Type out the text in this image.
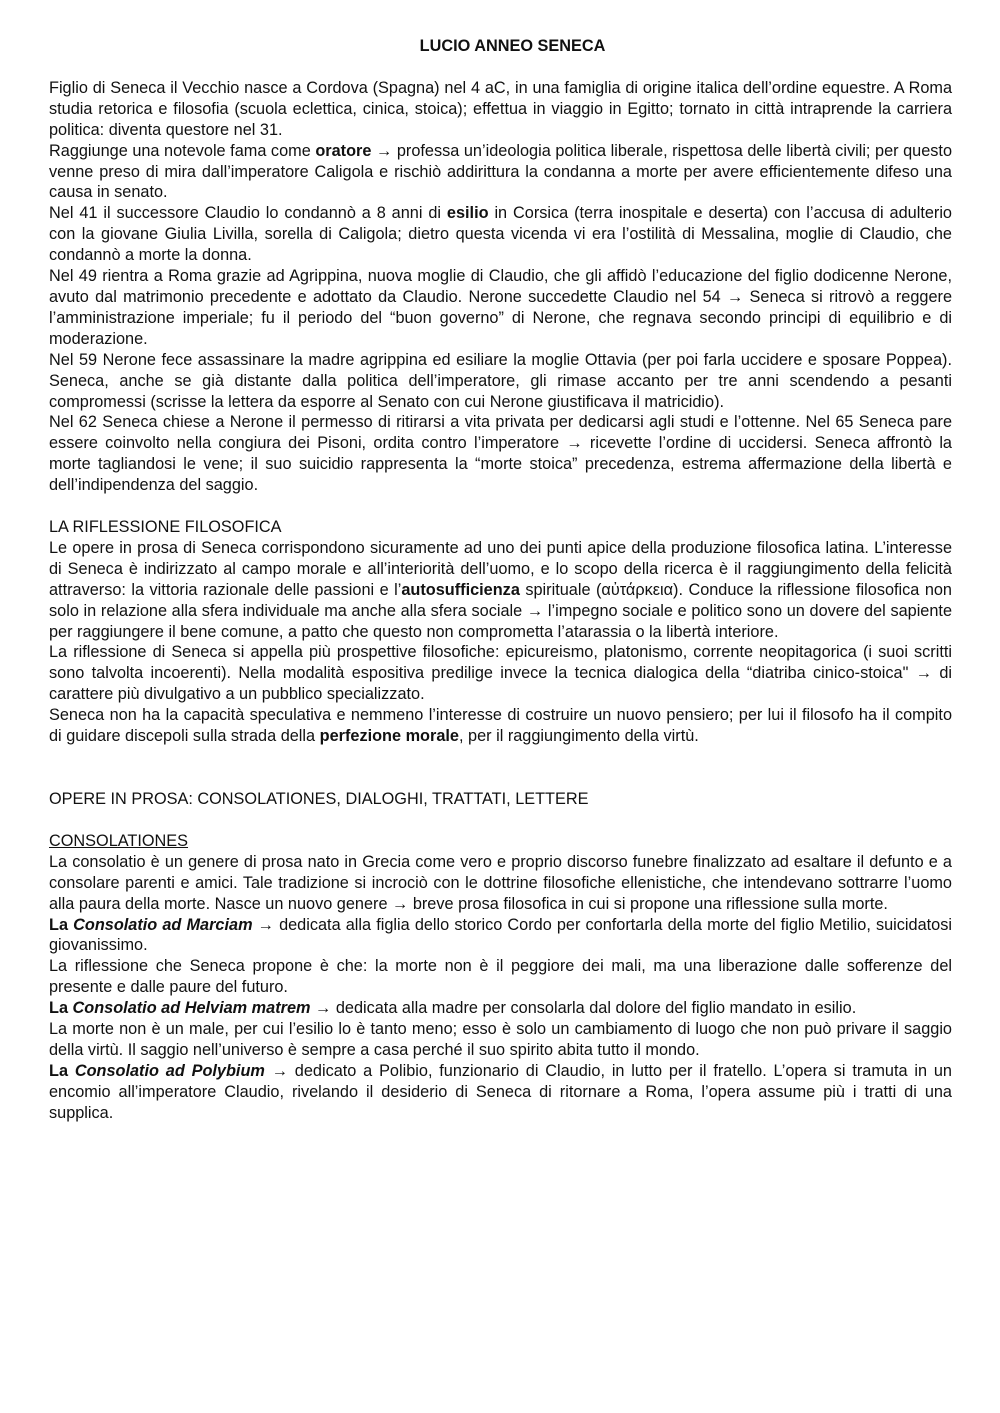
LUCIO ANNEO SENECA

Figlio di Seneca il Vecchio nasce a Cordova (Spagna) nel 4 aC, in una famiglia di origine italica dell’ordine equestre. A Roma studia retorica e filosofia (scuola eclettica, cinica, stoica); effettua in viaggio in Egitto; tornato in città intraprende la carriera politica: diventa questore nel 31.

Raggiunge una notevole fama come oratore → professa un’ideologia politica liberale, rispettosa delle libertà civili; per questo venne preso di mira dall’imperatore Caligola e rischiò addirittura la condanna a morte per avere efficientemente difeso una causa in senato.

Nel 41 il successore Claudio lo condannò a 8 anni di esilio in Corsica (terra inospitale e deserta) con l’accusa di adulterio con la giovane Giulia Livilla, sorella di Caligola; dietro questa vicenda vi era l’ostilità di Messalina, moglie di Claudio, che condannò a morte la donna.

Nel 49 rientra a Roma grazie ad Agrippina, nuova moglie di Claudio, che gli affidò l’educazione del figlio dodicenne Nerone, avuto dal matrimonio precedente e adottato da Claudio. Nerone succedette Claudio nel 54 → Seneca si ritrovò a reggere l’amministrazione imperiale; fu il periodo del “buon governo” di Nerone, che regnava secondo principi di equilibrio e di moderazione.

Nel 59 Nerone fece assassinare la madre agrippina ed esiliare la moglie Ottavia (per poi farla uccidere e sposare Poppea). Seneca, anche se già distante dalla politica dell’imperatore, gli rimase accanto per tre anni scendendo a pesanti compromessi (scrisse la lettera da esporre al Senato con cui Nerone giustificava il matricidio).

Nel 62 Seneca chiese a Nerone il permesso di ritirarsi a vita privata per dedicarsi agli studi e l’ottenne. Nel 65 Seneca pare essere coinvolto nella congiura dei Pisoni, ordita contro l’imperatore → ricevette l’ordine di uccidersi. Seneca affrontò la morte tagliandosi le vene; il suo suicidio rappresenta la “morte stoica” precedenza, estrema affermazione della libertà e dell’indipendenza del saggio.

LA RIFLESSIONE FILOSOFICA

Le opere in prosa di Seneca corrispondono sicuramente ad uno dei punti apice della produzione filosofica latina. L’interesse di Seneca è indirizzato al campo morale e all’interiorità dell’uomo, e lo scopo della ricerca è il raggiungimento della felicità attraverso: la vittoria razionale delle passioni e l’autosufficienza spirituale (αὐτάρκεια). Conduce la riflessione filosofica non solo in relazione alla sfera individuale ma anche alla sfera sociale → l’impegno sociale e politico sono un dovere del sapiente per raggiungere il bene comune, a patto che questo non comprometta l’atarassia o la libertà interiore.

La riflessione di Seneca si appella più prospettive filosofiche: epicureismo, platonismo, corrente neopitagorica (i suoi scritti sono talvolta incoerenti). Nella modalità espositiva predilige invece la tecnica dialogica della “diatriba cinico-stoica" → di carattere più divulgativo a un pubblico specializzato.

Seneca non ha la capacità speculativa e nemmeno l’interesse di costruire un nuovo pensiero; per lui il filosofo ha il compito di guidare discepoli sulla strada della perfezione morale, per il raggiungimento della virtù.

OPERE IN PROSA: CONSOLATIONES, DIALOGHI, TRATTATI, LETTERE
CONSOLATIONES

La consolatio è un genere di prosa nato in Grecia come vero e proprio discorso funebre finalizzato ad esaltare il defunto e a consolare parenti e amici. Tale tradizione si incrociò con le dottrine filosofiche ellenistiche, che intendevano sottrarre l’uomo alla paura della morte. Nasce un nuovo genere → breve prosa filosofica in cui si propone una riflessione sulla morte.

La Consolatio ad Marciam → dedicata alla figlia dello storico Cordo per confortarla della morte del figlio Metilio, suicidatosi giovanissimo.

La riflessione che Seneca propone è che: la morte non è il peggiore dei mali, ma una liberazione dalle sofferenze del presente e dalle paure del futuro.

La Consolatio ad Helviam matrem → dedicata alla madre per consolarla dal dolore del figlio mandato in esilio.

La morte non è un male, per cui l’esilio lo è tanto meno; esso è solo un cambiamento di luogo che non può privare il saggio della virtù. Il saggio nell’universo è sempre a casa perché il suo spirito abita tutto il mondo.

La Consolatio ad Polybium → dedicato a Polibio, funzionario di Claudio, in lutto per il fratello. L’opera si tramuta in un encomio all’imperatore Claudio, rivelando il desiderio di Seneca di ritornare a Roma, l’opera assume più i tratti di una supplica.
